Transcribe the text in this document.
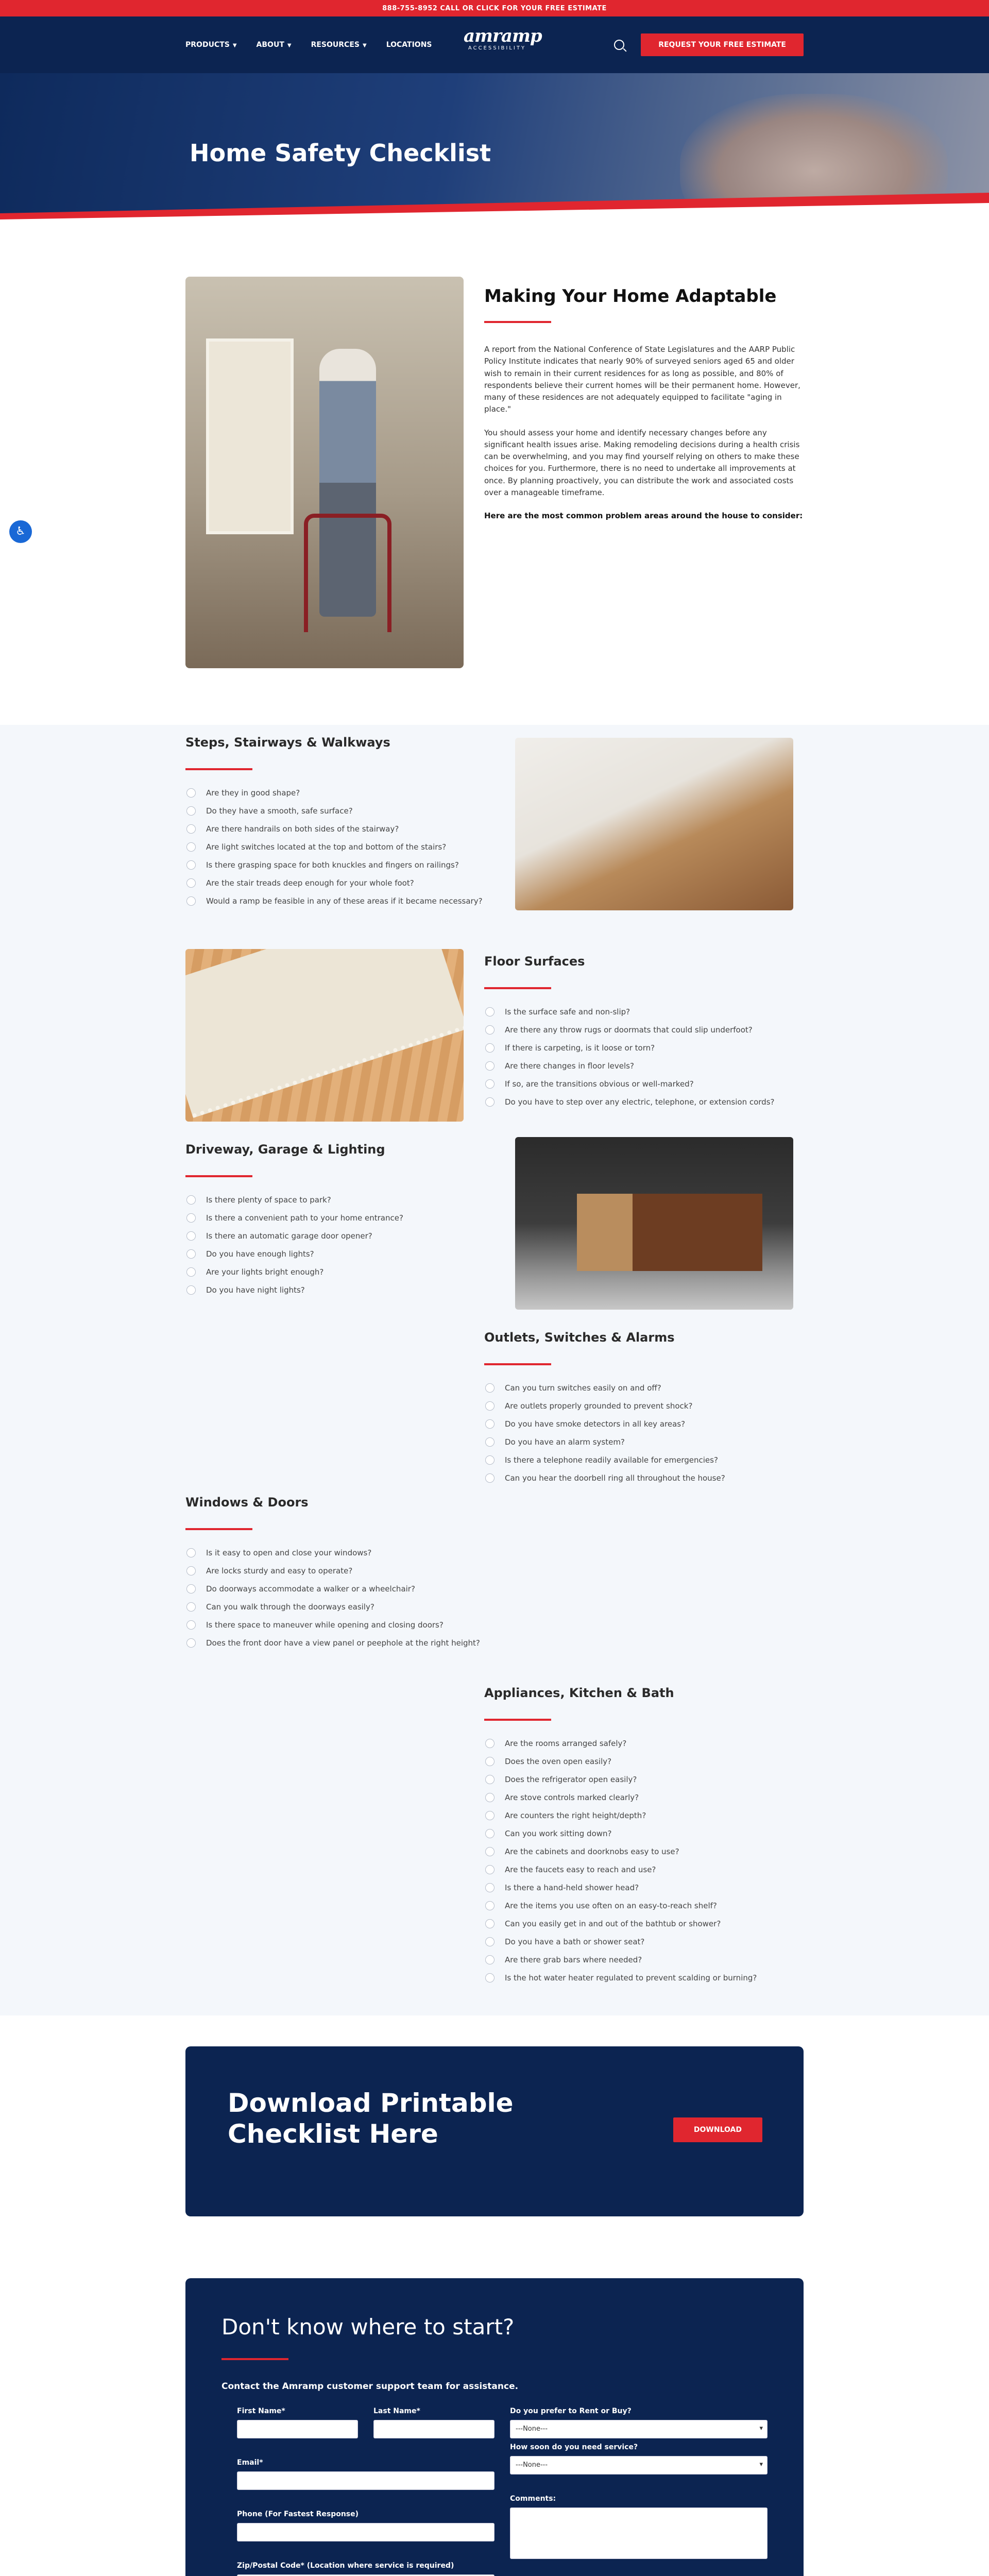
888-755-8952 CALL OR CLICK FOR YOUR FREE ESTIMATE
PRODUCTS ▼	ABOUT ▼	RESOURCES ▼	LOCATIONS amramp
ACCESSIBILITY	REQUEST YOUR FREE ESTIMATE
Home Safety Checklist
♿
Making Your Home Adaptable

A report from the National Conference of State Legislatures and the AARP Public Policy Institute indicates that nearly 90% of surveyed seniors aged 65 and older wish to remain in their current residences for as long as possible, and 80% of respondents believe their current homes will be their permanent home. However, many of these residences are not adequately equipped to facilitate "aging in place."

You should assess your home and identify necessary changes before any significant health issues arise. Making remodeling decisions during a health crisis can be overwhelming, and you may find yourself relying on others to make these choices for you. Furthermore, there is no need to undertake all improvements at once. By planning proactively, you can distribute the work and associated costs over a manageable timeframe.

Here are the most common problem areas around the house to consider:

Steps, Stairways & Walkways
Are they in good shape?
Do they have a smooth, safe surface?
Are there handrails on both sides of the stairway?
Are light switches located at the top and bottom of the stairs?
Is there grasping space for both knuckles and fingers on railings?
Are the stair treads deep enough for your whole foot?
Would a ramp be feasible in any of these areas if it became necessary?
Floor Surfaces
Is the surface safe and non-slip?
Are there any throw rugs or doormats that could slip underfoot?
If there is carpeting, is it loose or torn?
Are there changes in floor levels?
If so, are the transitions obvious or well-marked?
Do you have to step over any electric, telephone, or extension cords?
Driveway, Garage & Lighting
Is there plenty of space to park?
Is there a convenient path to your home entrance?
Is there an automatic garage door opener?
Do you have enough lights?
Are your lights bright enough?
Do you have night lights?
Outlets, Switches & Alarms
Can you turn switches easily on and off?
Are outlets properly grounded to prevent shock?
Do you have smoke detectors in all key areas?
Do you have an alarm system?
Is there a telephone readily available for emergencies?
Can you hear the doorbell ring all throughout the house?
Windows & Doors
Is it easy to open and close your windows?
Are locks sturdy and easy to operate?
Do doorways accommodate a walker or a wheelchair?
Can you walk through the doorways easily?
Is there space to maneuver while opening and closing doors?
Does the front door have a view panel or peephole at the right height?
Appliances, Kitchen & Bath
Are the rooms arranged safely?
Does the oven open easily?
Does the refrigerator open easily?
Are stove controls marked clearly?
Are counters the right height/depth?
Can you work sitting down?
Are the cabinets and doorknobs easy to use?
Are the faucets easy to reach and use?
Is there a hand-held shower head?
Are the items you use often on an easy-to-reach shelf?
Can you easily get in and out of the bathtub or shower?
Do you have a bath or shower seat?
Are there grab bars where needed?
Is the hot water heater regulated to prevent scalding or burning?
Download Printable Checklist Here	DOWNLOAD
Don't know where to start?
Contact the Amramp customer support team for assistance.
First Name*	Last Name*
Email*
Phone (For Fastest Response)
Zip/Postal Code* (Location where service is required)
Do you prefer to Rent or Buy?
---None--- ▾
How soon do you need service?
---None--- ▾
Comments:
